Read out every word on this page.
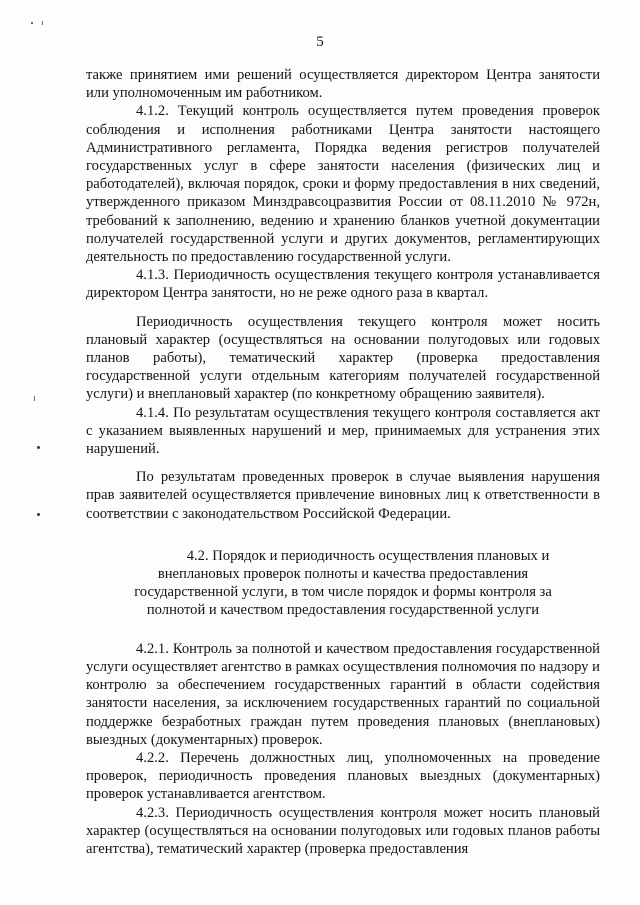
5

также принятием ими решений осуществляется директором Центра занятости или уполномоченным им работником.

4.1.2. Текущий контроль осуществляется путем проведения проверок соблюдения и исполнения работниками Центра занятости настоящего Административного регламента, Порядка ведения регистров получателей государственных услуг в сфере занятости населения (физических лиц и работодателей), включая порядок, сроки и форму предоставления в них сведений, утвержденного приказом Минздравсоцразвития России от 08.11.2010 № 972н, требований к заполнению, ведению и хранению бланков учетной документации получателей государственной услуги и других документов, регламентирующих деятельность по предоставлению государственной услуги.

4.1.3. Периодичность осуществления текущего контроля устанавливается директором Центра занятости, но не реже одного раза в квартал.

Периодичность осуществления текущего контроля может носить плановый характер (осуществляться на основании полугодовых или годовых планов работы), тематический характер (проверка предоставления государственной услуги отдельным категориям получателей государственной услуги) и внеплановый характер (по конкретному обращению заявителя).

4.1.4. По результатам осуществления текущего контроля составляется акт с указанием выявленных нарушений и мер, принимаемых для устранения этих нарушений.

По результатам проведенных проверок в случае выявления нарушения прав заявителей осуществляется привлечение виновных лиц к ответственности в соответствии с законодательством Российской Федерации.

4.2. Порядок и периодичность осуществления плановых и внеплановых проверок полноты и качества предоставления государственной услуги, в том числе порядок и формы контроля за полнотой и качеством предоставления государственной услуги

4.2.1. Контроль за полнотой и качеством предоставления государственной услуги осуществляет агентство в рамках осуществления полномочия по надзору и контролю за обеспечением государственных гарантий в области содействия занятости населения, за исключением государственных гарантий по социальной поддержке безработных граждан путем проведения плановых (внеплановых) выездных (документарных) проверок.

4.2.2. Перечень должностных лиц, уполномоченных на проведение проверок, периодичность проведения плановых выездных (документарных) проверок устанавливается агентством.

4.2.3. Периодичность осуществления контроля может носить плановый характер (осуществляться на основании полугодовых или годовых планов работы агентства), тематический характер (проверка предоставления
